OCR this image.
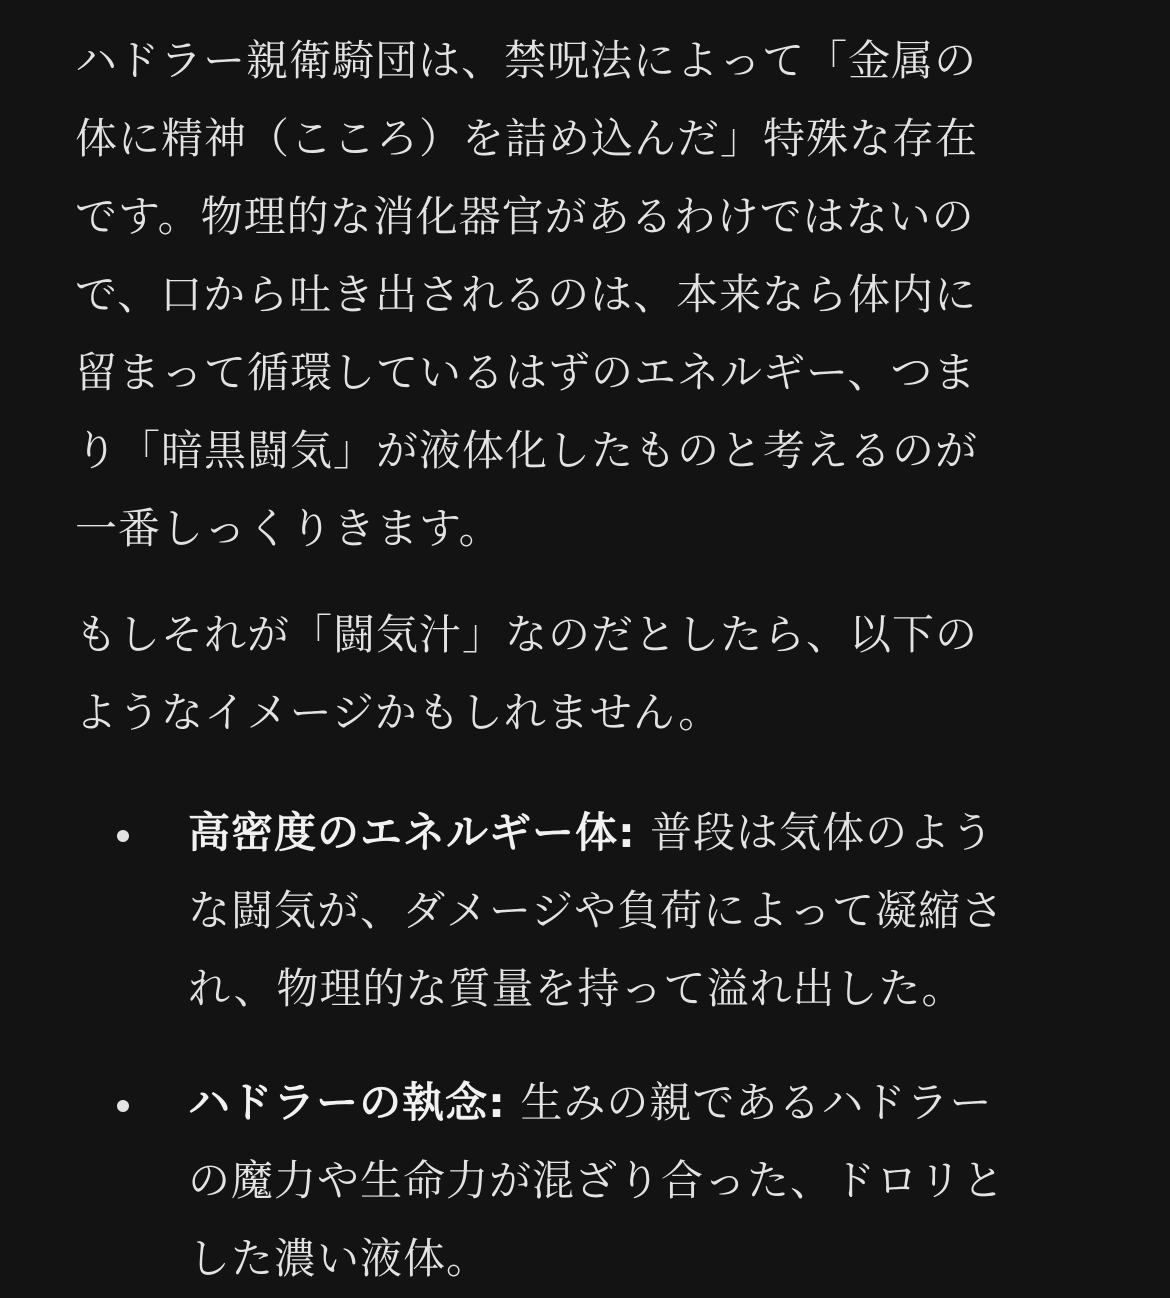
ハドラー親衛騎団は、禁呪法によって「金属の
体に精神（こころ）を詰め込んだ」特殊な存在
です。物理的な消化器官があるわけではないの
で、口から吐き出されるのは、本来なら体内に
留まって循環しているはずのエネルギー、つま
り「暗黒闘気」が液体化したものと考えるのが
一番しっくりきます。

もしそれが「闘気汁」なのだとしたら、以下の
ようなイメージかもしれません。

高密度のエネルギー体: 普段は気体のよう
な闘気が、ダメージや負荷によって凝縮さ
れ、物理的な質量を持って溢れ出した。
ハドラーの執念: 生みの親であるハドラー
の魔力や生命力が混ざり合った、ドロリと
した濃い液体。
